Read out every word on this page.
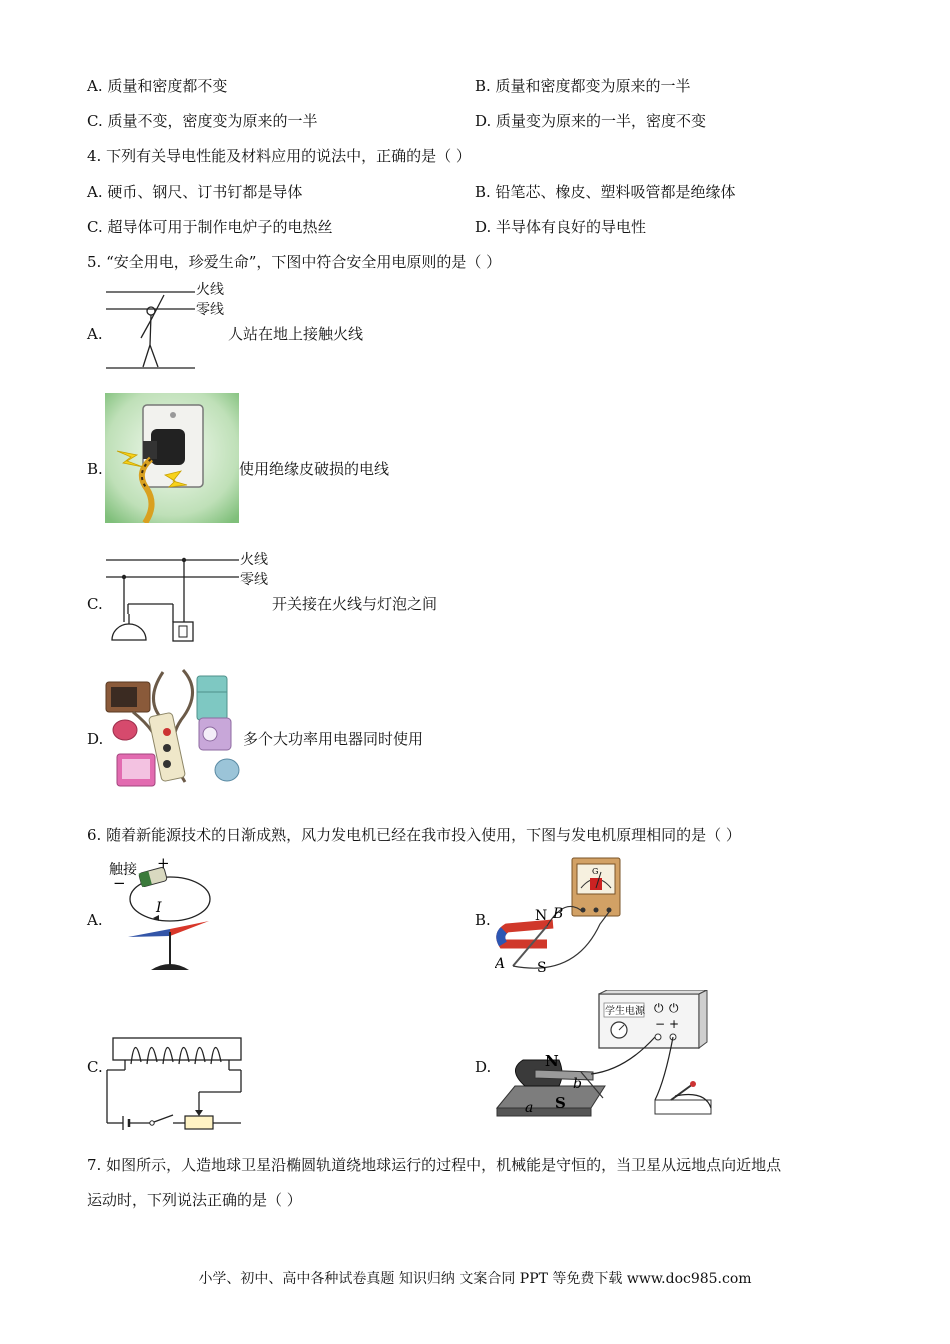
A. 质量和密度都不变	B. 质量和密度都变为原来的一半
C. 质量不变，密度变为原来的一半	D. 质量变为原来的一半，密度不变
4. 下列有关导电性能及材料应用的说法中，正确的是（ ）
A. 硬币、钢尺、订书钉都是导体	B. 铅笔芯、橡皮、塑料吸管都是绝缘体
C. 超导体可用于制作电炉子的电热丝	D. 半导体有良好的导电性
5. “安全用电，珍爱生命”，下图中符合安全用电原则的是（ ）
A.
火线
零线
人站在地上接触火线
B.	使用绝缘皮破损的电线
C.
火线
零线
开关接在火线与灯泡之间
D.	多个大功率用电器同时使用
6. 随着新能源技术的日渐成熟，风力发电机已经在我市投入使用，下图与发电机原理相同的是（ ）
A.
触接 +
−
I
B.	N
S
A
B
G
C.	D.
⏻ ⏻
− +
学生电源
N
S
a
b
7. 如图所示，人造地球卫星沿椭圆轨道绕地球运行的过程中，机械能是守恒的，当卫星从远地点向近地点
运动时，下列说法正确的是（ ）
小学、初中、高中各种试卷真题 知识归纳 文案合同 PPT 等免费下载 www.doc985.com
